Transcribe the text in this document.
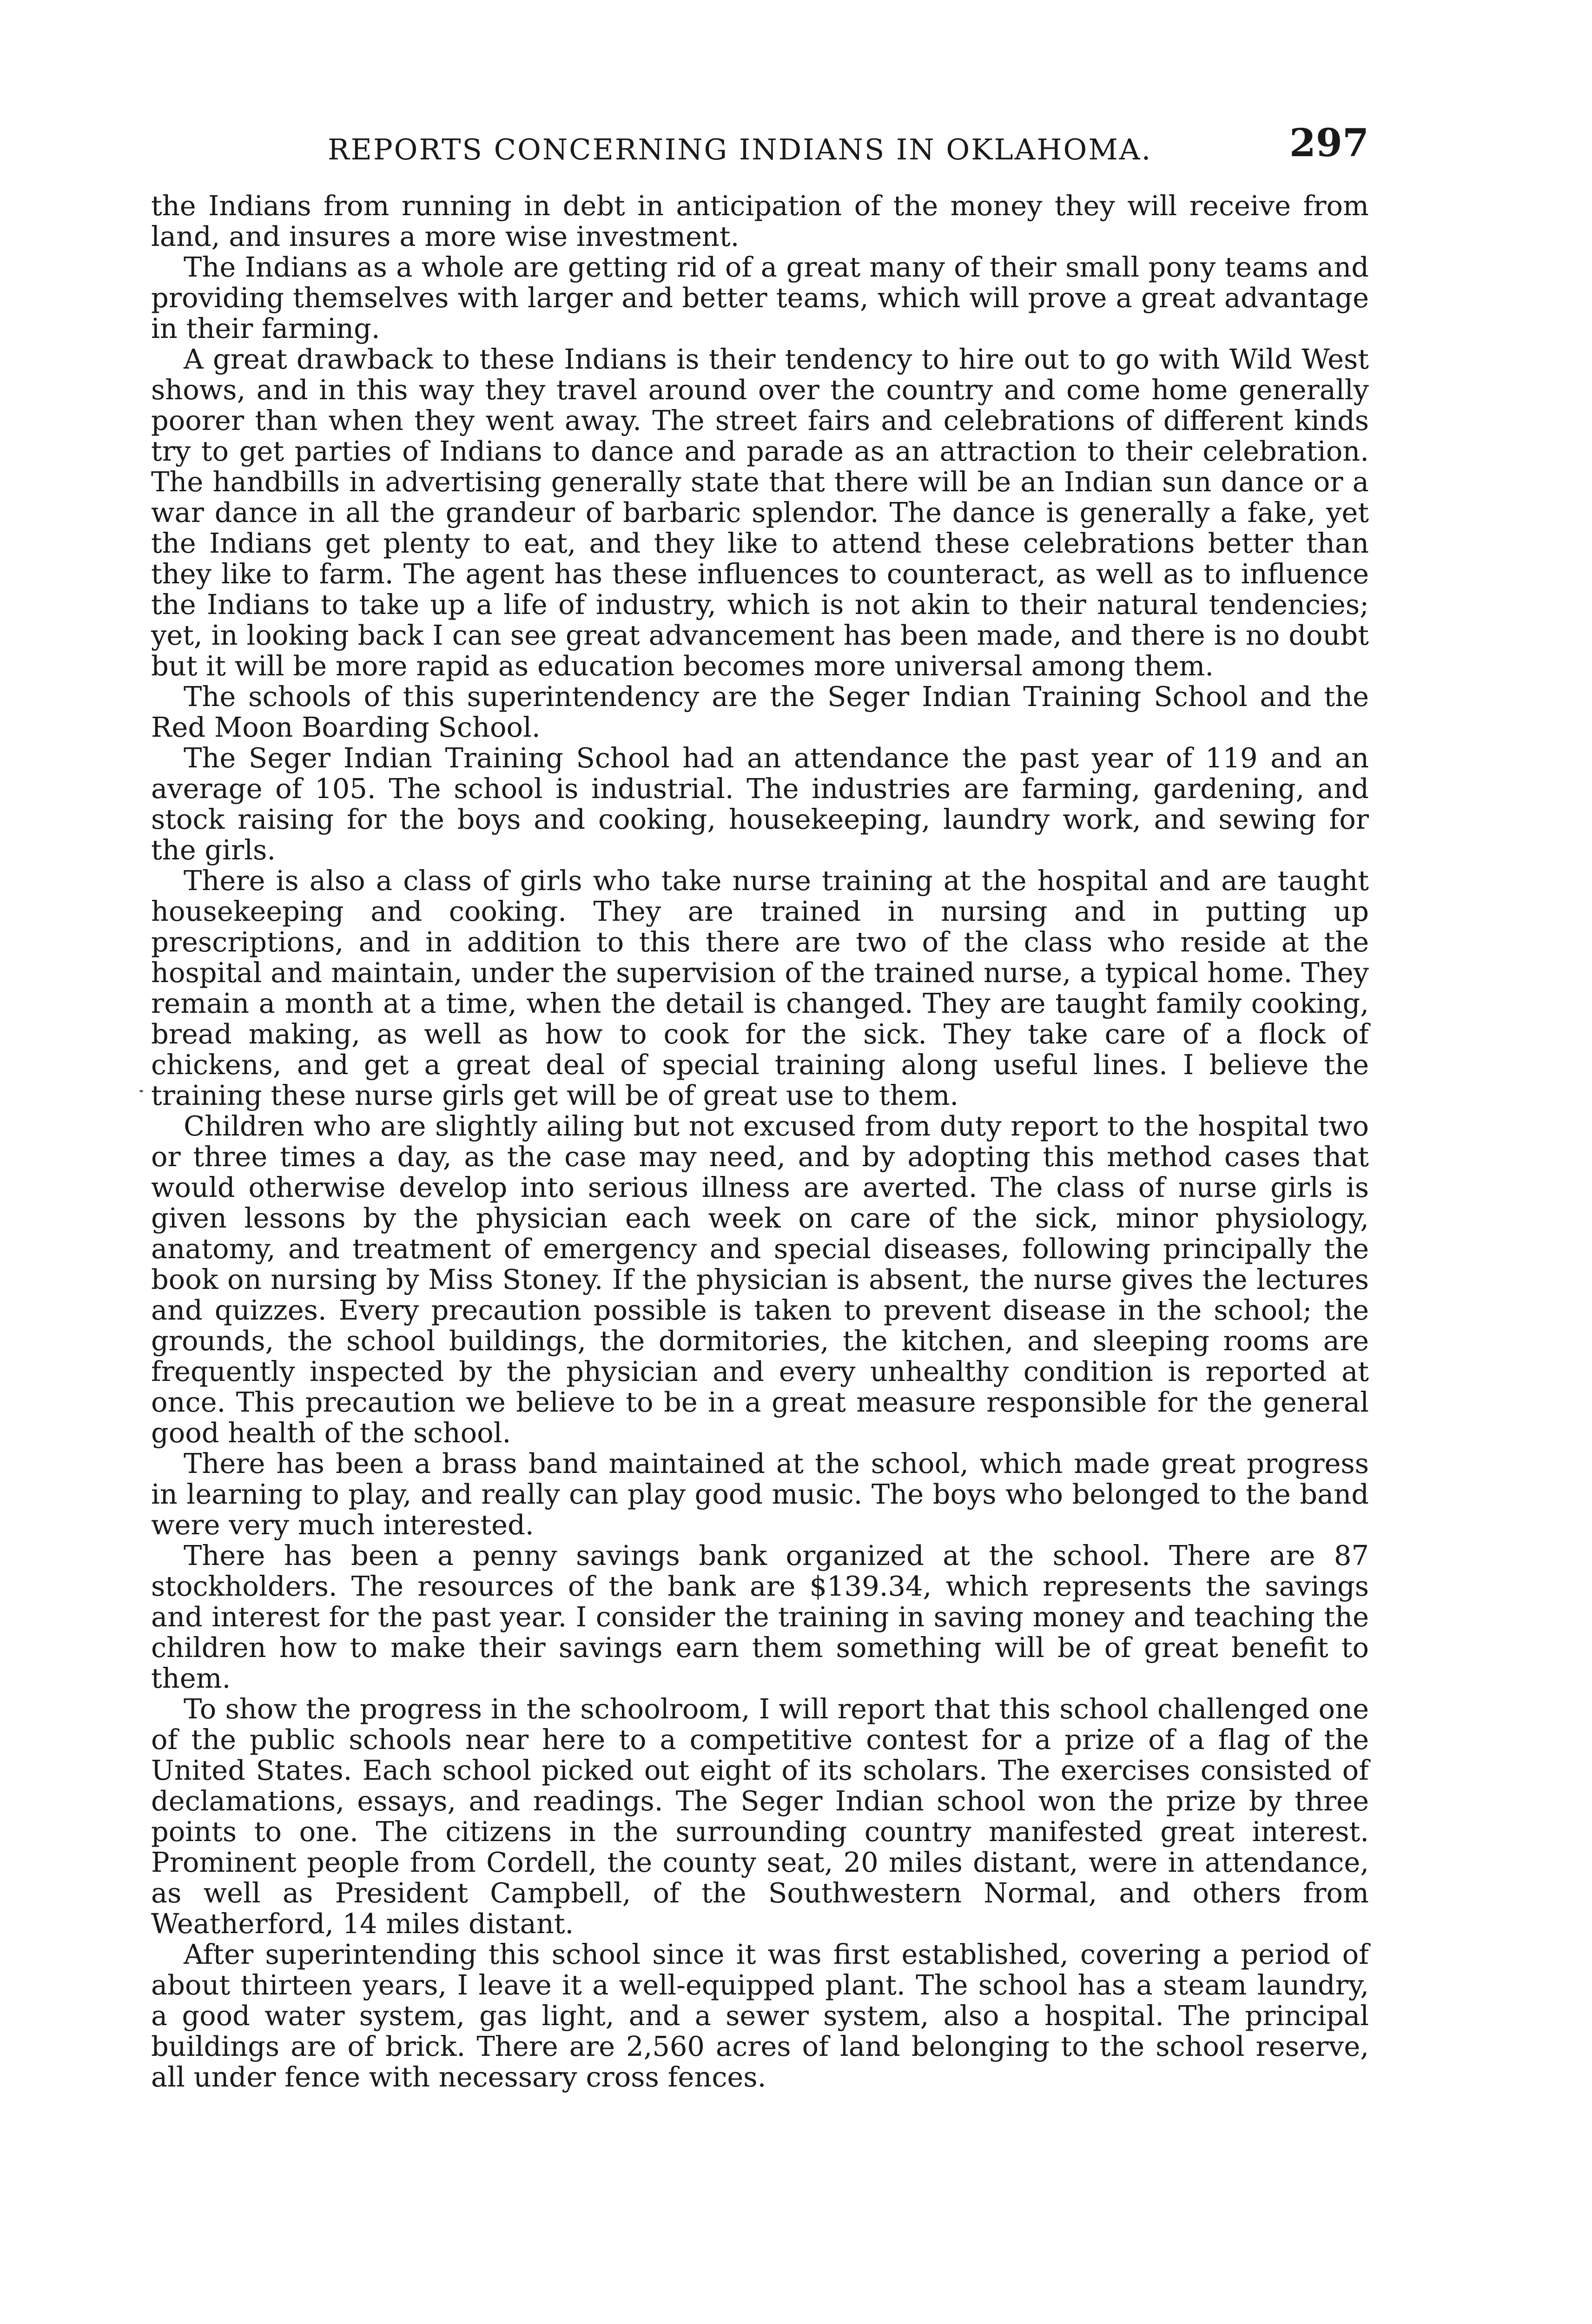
REPORTS CONCERNING INDIANS IN OKLAHOMA.	297

the Indians from running in debt in anticipation of the money they will receive from land, and insures a more wise investment.

The Indians as a whole are getting rid of a great many of their small pony teams and providing themselves with larger and better teams, which will prove a great advantage in their farming.

A great drawback to these Indians is their tendency to hire out to go with Wild West shows, and in this way they travel around over the country and come home generally poorer than when they went away. The street fairs and celebrations of different kinds try to get parties of Indians to dance and parade as an attraction to their celebration. The handbills in advertising generally state that there will be an Indian sun dance or a war dance in all the grandeur of barbaric splendor. The dance is generally a fake, yet the Indians get plenty to eat, and they like to attend these celebrations better than they like to farm. The agent has these influences to counteract, as well as to influence the Indians to take up a life of industry, which is not akin to their natural tendencies; yet, in looking back I can see great advancement has been made, and there is no doubt but it will be more rapid as education becomes more universal among them.

The schools of this superintendency are the Seger Indian Training School and the Red Moon Boarding School.

The Seger Indian Training School had an attendance the past year of 119 and an average of 105. The school is industrial. The industries are farming, gardening, and stock raising for the boys and cooking, housekeeping, laundry work, and sewing for the girls.

There is also a class of girls who take nurse training at the hospital and are taught housekeeping and cooking. They are trained in nursing and in putting up prescriptions, and in addition to this there are two of the class who reside at the hospital and maintain, under the supervision of the trained nurse, a typical home. They remain a month at a time, when the detail is changed. They are taught family cooking, bread making, as well as how to cook for the sick. They take care of a flock of chickens, and get a great deal of special training along useful lines. I believe the training these nurse girls get will be of great use to them.

Children who are slightly ailing but not excused from duty report to the hospital two or three times a day, as the case may need, and by adopting this method cases that would otherwise develop into serious illness are averted. The class of nurse girls is given lessons by the physician each week on care of the sick, minor physiology, anatomy, and treatment of emergency and special diseases, following principally the book on nursing by Miss Stoney. If the physician is absent, the nurse gives the lectures and quizzes. Every precaution possible is taken to prevent disease in the school; the grounds, the school buildings, the dormitories, the kitchen, and sleeping rooms are frequently inspected by the physician and every unhealthy condition is reported at once. This precaution we believe to be in a great measure responsible for the general good health of the school.

There has been a brass band maintained at the school, which made great progress in learning to play, and really can play good music. The boys who belonged to the band were very much interested.

There has been a penny savings bank organized at the school. There are 87 stockholders. The resources of the bank are $139.34, which represents the savings and interest for the past year. I consider the training in saving money and teaching the children how to make their savings earn them something will be of great benefit to them.

To show the progress in the schoolroom, I will report that this school challenged one of the public schools near here to a competitive contest for a prize of a flag of the United States. Each school picked out eight of its scholars. The exercises consisted of declamations, essays, and readings. The Seger Indian school won the prize by three points to one. The citizens in the surrounding country manifested great interest. Prominent people from Cordell, the county seat, 20 miles distant, were in attendance, as well as President Campbell, of the Southwestern Normal, and others from Weatherford, 14 miles distant.

After superintending this school since it was first established, covering a period of about thirteen years, I leave it a well-equipped plant. The school has a steam laundry, a good water system, gas light, and a sewer system, also a hospital. The principal buildings are of brick. There are 2,560 acres of land belonging to the school reserve, all under fence with necessary cross fences.
